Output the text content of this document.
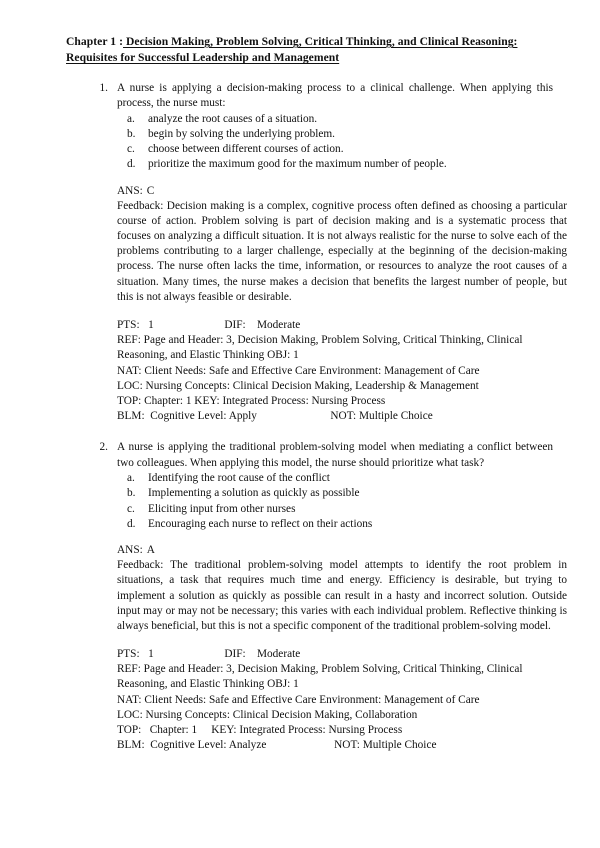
Chapter 1 : Decision Making, Problem Solving, Critical Thinking, and Clinical Reasoning: Requisites for Successful Leadership and Management
1. A nurse is applying a decision-making process to a clinical challenge. When applying this process, the nurse must:

a.	analyze the root causes of a situation.
b.	begin by solving the underlying problem.
c.	choose between different courses of action.
d.	prioritize the maximum good for the maximum number of people.
ANS: C

Feedback: Decision making is a complex, cognitive process often defined as choosing a particular course of action. Problem solving is part of decision making and is a systematic process that focuses on analyzing a difficult situation. It is not always realistic for the nurse to solve each of the problems contributing to a larger challenge, especially at the beginning of the decision-making process. The nurse often lacks the time, information, or resources to analyze the root causes of a situation. Many times, the nurse makes a decision that benefits the largest number of people, but this is not always feasible or desirable.

PTS:   1                         DIF:    Moderate
REF: Page and Header: 3, Decision Making, Problem Solving, Critical Thinking, Clinical Reasoning, and Elastic Thinking OBJ: 1
NAT: Client Needs: Safe and Effective Care Environment: Management of Care
LOC: Nursing Concepts: Clinical Decision Making, Leadership & Management
TOP: Chapter: 1 KEY: Integrated Process: Nursing Process
BLM:  Cognitive Level: Apply                          NOT: Multiple Choice
2. A nurse is applying the traditional problem-solving model when mediating a conflict between two colleagues. When applying this model, the nurse should prioritize what task?

a.	Identifying the root cause of the conflict
b.	Implementing a solution as quickly as possible
c.	Eliciting input from other nurses
d.	Encouraging each nurse to reflect on their actions
ANS: A

Feedback: The traditional problem-solving model attempts to identify the root problem in situations, a task that requires much time and energy. Efficiency is desirable, but trying to implement a solution as quickly as possible can result in a hasty and incorrect solution. Outside input may or may not be necessary; this varies with each individual problem. Reflective thinking is always beneficial, but this is not a specific component of the traditional problem-solving model.

PTS:   1                         DIF:    Moderate
REF: Page and Header: 3, Decision Making, Problem Solving, Critical Thinking, Clinical Reasoning, and Elastic Thinking OBJ: 1
NAT: Client Needs: Safe and Effective Care Environment: Management of Care
LOC: Nursing Concepts: Clinical Decision Making, Collaboration
TOP:   Chapter: 1     KEY: Integrated Process: Nursing Process
BLM:  Cognitive Level: Analyze                        NOT: Multiple Choice
